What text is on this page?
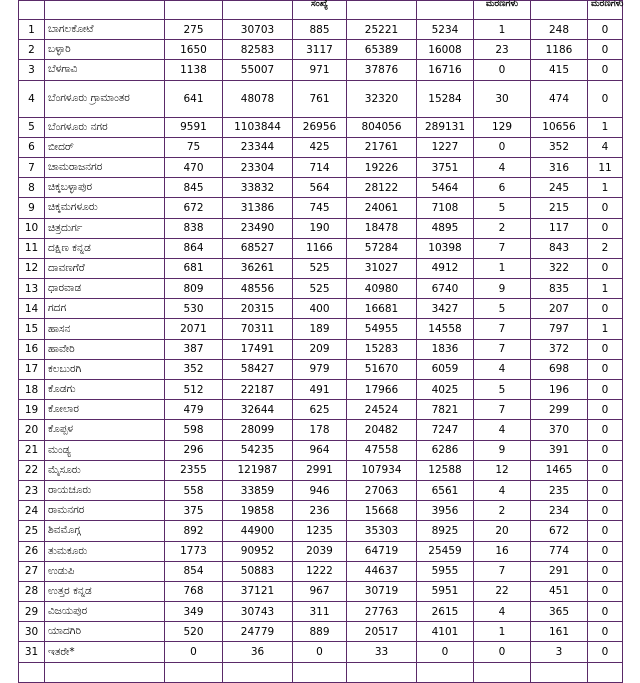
				ಸಂಖ್ಯೆ			ಮರಣಗಳು		ಮರಣಗಳು

1	ಬಾಗಲಕೋಟೆ	275	30703	885	25221	5234	1	248	0
2	ಬಳ್ಳಾರಿ	1650	82583	3117	65389	16008	23	1186	0
3	ಬೆಳಗಾವಿ	1138	55007	971	37876	16716	0	415	0
4	ಬೆಂಗಳೂರು ಗ್ರಾಮಾಂತರ	641	48078	761	32320	15284	30	474	0
5	ಬೆಂಗಳೂರು ನಗರ	9591	1103844	26956	804056	289131	129	10656	1
6	ಬೀದರ್	75	23344	425	21761	1227	0	352	4
7	ಚಾಮರಾಜನಗರ	470	23304	714	19226	3751	4	316	11
8	ಚಿಕ್ಕಬಳ್ಳಾಪುರ	845	33832	564	28122	5464	6	245	1
9	ಚಿಕ್ಕಮಗಳೂರು	672	31386	745	24061	7108	5	215	0
10	ಚಿತ್ರದುರ್ಗ	838	23490	190	18478	4895	2	117	0
11	ದಕ್ಷಿಣ ಕನ್ನಡ	864	68527	1166	57284	10398	7	843	2
12	ದಾವಣಗೆರೆ	681	36261	525	31027	4912	1	322	0
13	ಧಾರವಾಡ	809	48556	525	40980	6740	9	835	1
14	ಗದಗ	530	20315	400	16681	3427	5	207	0
15	ಹಾಸನ	2071	70311	189	54955	14558	7	797	1
16	ಹಾವೇರಿ	387	17491	209	15283	1836	7	372	0
17	ಕಲಬುರಗಿ	352	58427	979	51670	6059	4	698	0
18	ಕೊಡಗು	512	22187	491	17966	4025	5	196	0
19	ಕೋಲಾರ	479	32644	625	24524	7821	7	299	0
20	ಕೊಪ್ಪಳ	598	28099	178	20482	7247	4	370	0
21	ಮಂಡ್ಯ	296	54235	964	47558	6286	9	391	0
22	ಮೈಸೂರು	2355	121987	2991	107934	12588	12	1465	0
23	ರಾಯಚೂರು	558	33859	946	27063	6561	4	235	0
24	ರಾಮನಗರ	375	19858	236	15668	3956	2	234	0
25	ಶಿವಮೊಗ್ಗ	892	44900	1235	35303	8925	20	672	0
26	ತುಮಕೂರು	1773	90952	2039	64719	25459	16	774	0
27	ಉಡುಪಿ	854	50883	1222	44637	5955	7	291	0
28	ಉತ್ತರ ಕನ್ನಡ	768	37121	967	30719	5951	22	451	0
29	ವಿಜಯಪುರ	349	30743	311	27763	2615	4	365	0
30	ಯಾದಗಿರಿ	520	24779	889	20517	4101	1	161	0
31	ಇತರೇ*	0	36	0	33	0	0	3	0
